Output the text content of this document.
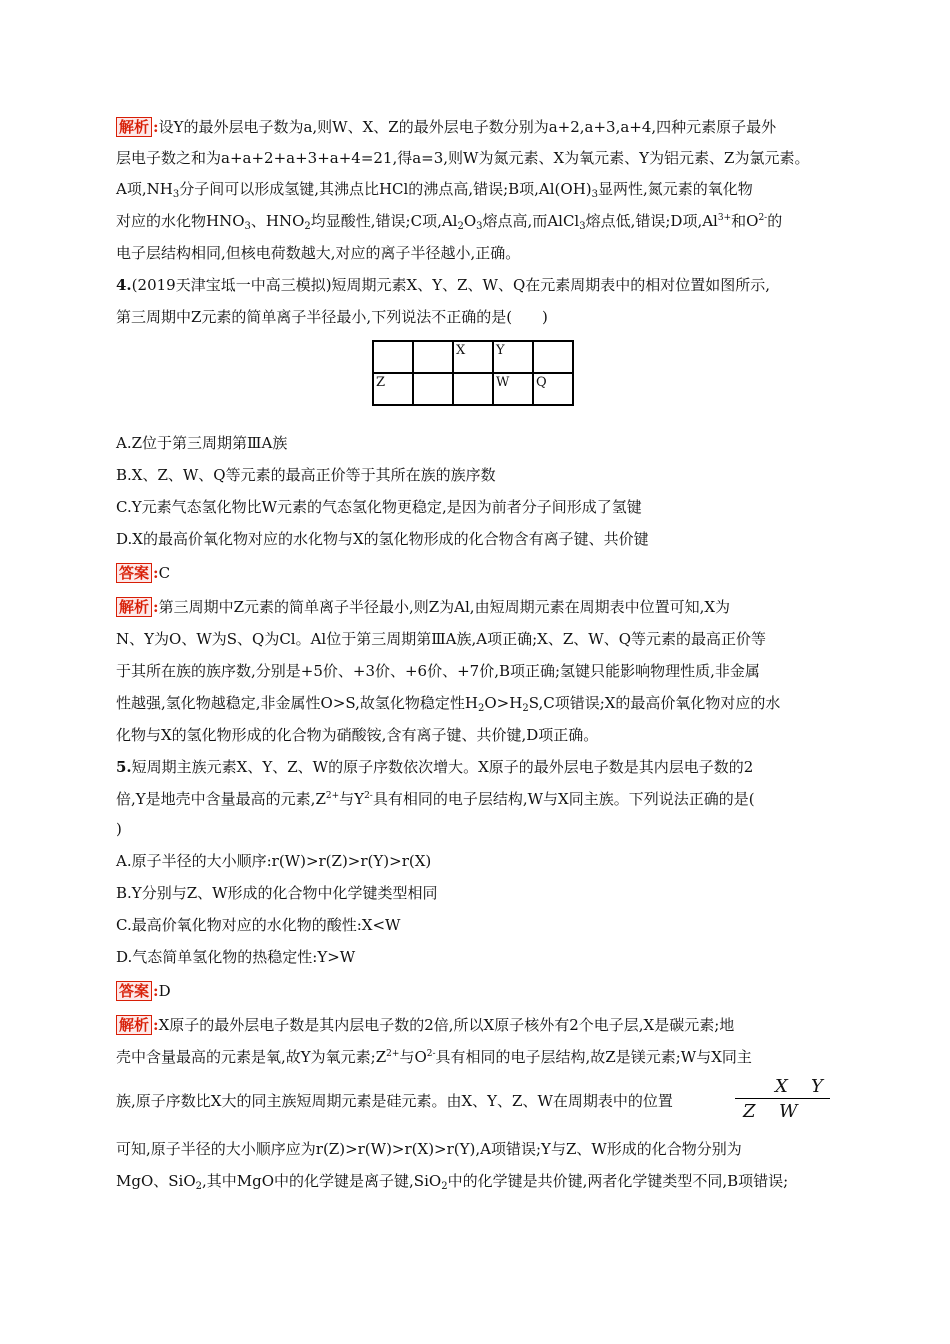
解析 :设Y的最外层电子数为a,则W、X、Z的最外层电子数分别为a+2,a+3,a+4,四种元素原子最外
层电子数之和为a+a+2+a+3+a+4=21,得a=3,则W为氮元素、X为氧元素、Y为铝元素、Z为氯元素。
A项$,NH_3$分子间可以形成氢键,其沸点比HCl的沸点高,错误;B项$,Al(OH)_3$显两性,氮元素的氧化物
对应的水化物$HNO_3$、$HNO_2$均显酸性,错误;C项$,Al_2O_3$熔点高,而AlCl$_3$熔点低,错误;D项$,Al^{3+}$和$O^{2-}$的
电子层结构相同,但核电荷数越大,对应的离子半径越小,正确。
4.(2019天津宝坻一中高三模拟)短周期元素X、Y、Z、W、Q在元素周期表中的相对位置如图所示,
第三周期中Z元素的简单离子半径最小,下列说法不正确的是(　　)
		X	Y	
Z			W	Q
A.Z位于第三周期第ⅢA族
B.X、Z、W、Q等元素的最高正价等于其所在族的族序数
C.Y元素气态氢化物比W元素的气态氢化物更稳定,是因为前者分子间形成了氢键
D.X的最高价氧化物对应的水化物与X的氢化物形成的化合物含有离子键、共价键
答案 :C
解析 :第三周期中Z元素的简单离子半径最小,则Z为Al,由短周期元素在周期表中位置可知,X为
N、Y为O、W为S、Q为Cl。Al位于第三周期第ⅢA族,A项正确;X、Z、W、Q等元素的最高正价等
于其所在族的族序数,分别是+5价、+3价、+6价、+7价,B项正确;氢键只能影响物理性质,非金属
性越强,氢化物越稳定,非金属性O>S,故氢化物稳定性$H_2O>H_2S,C$项错误;X的最高价氧化物对应的水
化物与X的氢化物形成的化合物为硝酸铵,含有离子键、共价键,D项正确。
5.短周期主族元素X、Y、Z、W的原子序数依次增大。X原子的最外层电子数是其内层电子数的2
倍,Y是地壳中含量最高的元素$,Z^{2+}$与$Y^{2-}$具有相同的电子层结构,W与X同主族。下列说法正确的是(
)
A.原子半径的大小顺序:r(W)>r(Z)>r(Y)>r(X)
B.Y分别与Z、W形成的化合物中化学键类型相同
C.最高价氧化物对应的水化物的酸性:X<W
D.气态简单氢化物的热稳定性:Y>W
答案 :D
解析 :X原子的最外层电子数是其内层电子数的2倍,所以X原子核外有2个电子层,X是碳元素;地
壳中含量最高的元素是氧,故Y为氧元素$;Z^{2+}$与$O^{2-}$具有相同的电子层结构,故Z是镁元素;W与X同主
族,原子序数比X大的同主族短周期元素是硅元素。由X、Y、Z、W在周期表中的位置	$\frac{\text{X Y}}{\text{Z W}}$
可知,原子半径的大小顺序应为r(Z)>r(W)>r(X)>r(Y),A项错误;Y与Z、W形成的化合物分别为
MgO、SiO$_2$,其中MgO中的化学键是离子键,SiO$_2$中的化学键是共价键,两者化学键类型不同,B项错误;
